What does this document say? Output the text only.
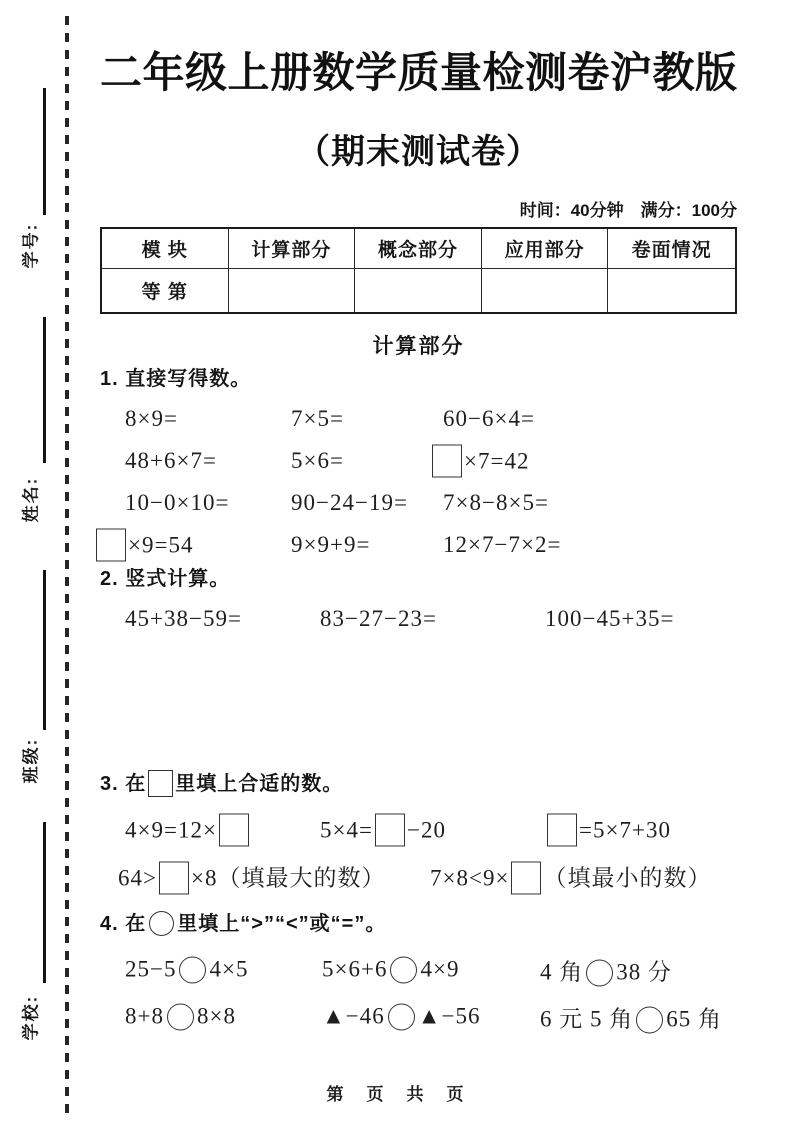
学号:
姓名:
班级:
学校:
二年级上册数学质量检测卷沪教版
（期末测试卷）
时间：40分钟　满分：100分
模 块	计算部分	概念部分	应用部分	卷面情况
等 第
计算部分
1. 直接写得数。
8×9=	7×5=	60−6×4=
48+6×7=	5×6=	×7=42
10−0×10=	90−24−19= 7×8−8×5=
×9=54	9×9+9=	12×7−7×2=
2. 竖式计算。
45+38−59=	83−27−23=	100−45+35=
3. 在 里填上合适的数。
4×9=12×	5×4= −20	=5×7+30
64> ×8（填最大的数） 7×8<9× （填最小的数）
4. 在 里填上“>”“<”或“=”。
25−5 4×5	5×6+6 4×9	4 角 38 分
8+8 8×8	▲−46 ▲−56	6 元 5 角 65 角
第　页　共　页
